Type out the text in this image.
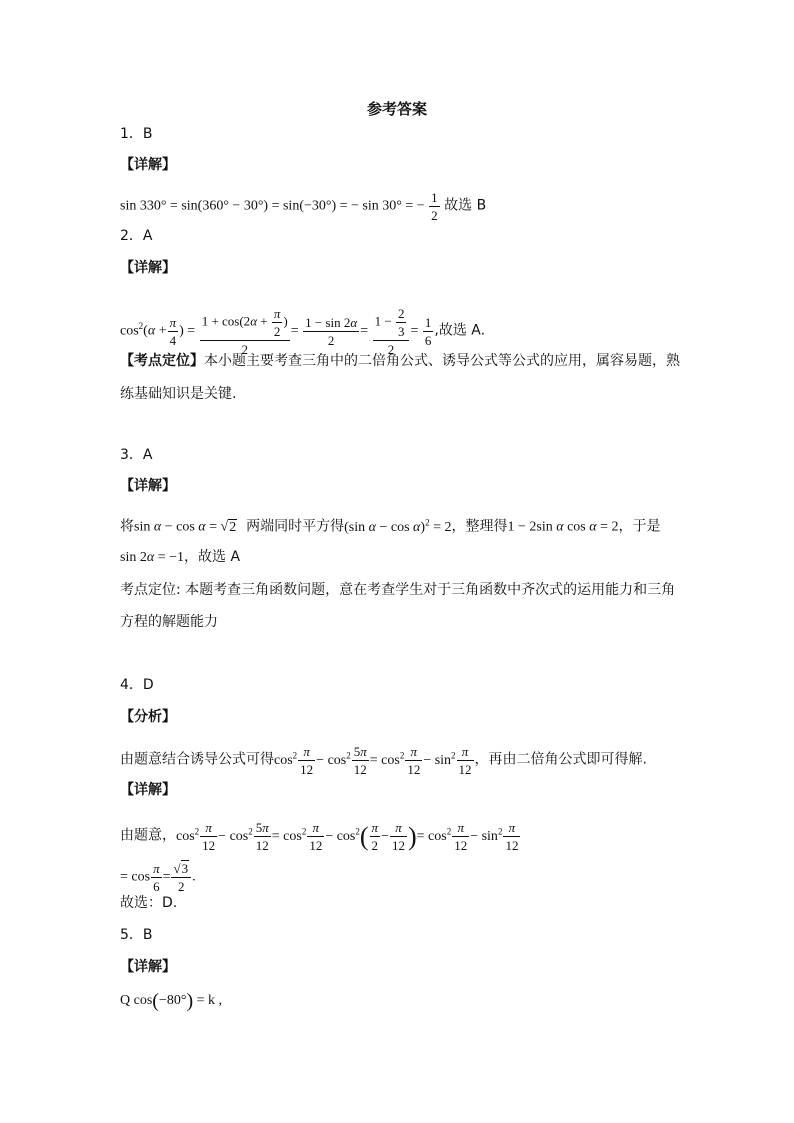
参考答案
1．B
【详解】
sin 330° = sin(360° − 30°) = sin(−30°) = − sin 30° = − $\frac{1}{2}$ 故选 B
2．A
【详解】
$\cos^2(\alpha + \frac{\pi}{4}$ ) = $\frac{1 + \cos(2\alpha + \frac{\pi}{2} )}{2} = \frac{1 - \sin 2\alpha}{2} = \frac{1 - \frac{2}{3}}{2} = \frac{1}{6}$ ,故选 A.
【考点定位】本小题主要考查三角中的二倍角公式、诱导公式等公式的应用，属容易题，熟
练基础知识是关键.
3．A
【详解】
将sin α − cos α = √2 两端同时平方得(sin α − cos α)$^2$ = 2，整理得1 − 2sin α cos α = 2，于是
sin 2α = −1，故选 A
考点定位: 本题考查三角函数问题，意在考查学生对于三角函数中齐次式的运用能力和三角
方程的解题能力
4．D
【分析】
由题意结合诱导公式可得$\cos^2 \frac{\pi}{12} - \cos^2 \frac{5\pi}{12} = \cos^2 \frac{\pi}{12} - \sin^2 \frac{\pi}{12}$ ，再由二倍角公式即可得解.
【详解】
由题意，$\cos^2 \frac{\pi}{12} - \cos^2 \frac{5\pi}{12} = \cos^2 \frac{\pi}{12} - \cos^2( \frac{\pi}{2} - \frac{\pi}{12}$ )= $\cos^2 \frac{\pi}{12} - \sin^2 \frac{\pi}{12}$
= $\cos \frac{\pi}{6} = \frac{√3}{2}$ .
故选：D.
5．B
【详解】
Q cos(−80°) = k ,
